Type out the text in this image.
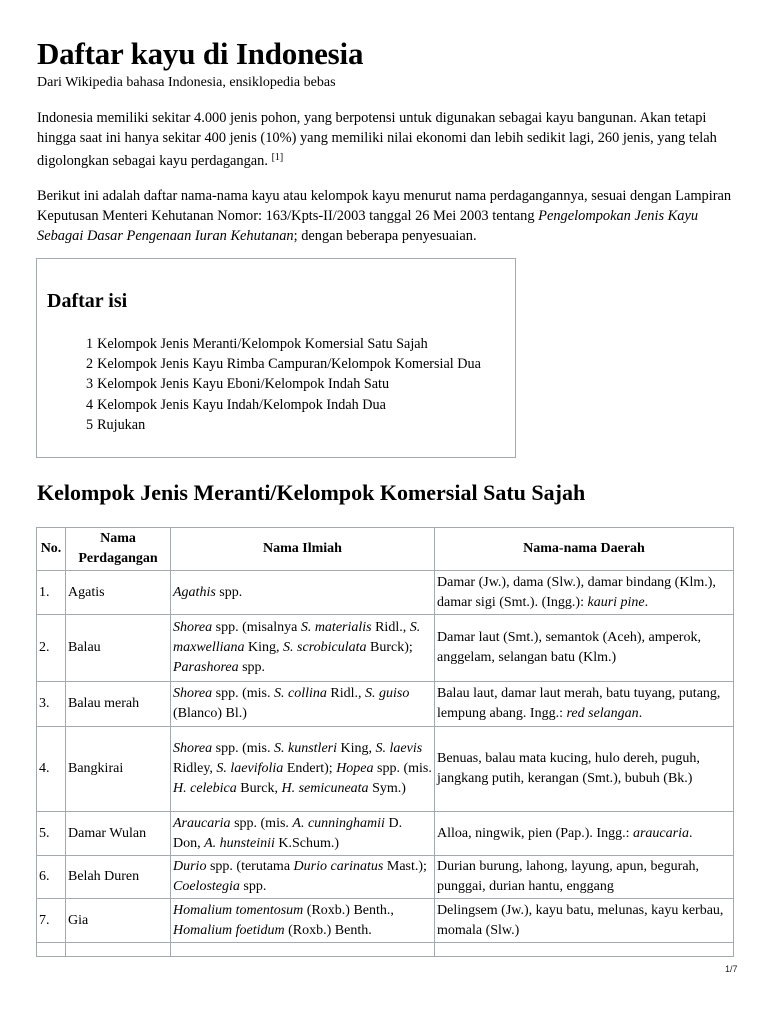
Daftar kayu di Indonesia

Dari Wikipedia bahasa Indonesia, ensiklopedia bebas

Indonesia memiliki sekitar 4.000 jenis pohon, yang berpotensi untuk digunakan sebagai kayu bangunan. Akan tetapi hingga saat ini hanya sekitar 400 jenis (10%) yang memiliki nilai ekonomi dan lebih sedikit lagi, 260 jenis, yang telah digolongkan sebagai kayu perdagangan. [1]

Berikut ini adalah daftar nama-nama kayu atau kelompok kayu menurut nama perdagangannya, sesuai dengan Lampiran Keputusan Menteri Kehutanan Nomor: 163/Kpts-II/2003 tanggal 26 Mei 2003 tentang Pengelompokan Jenis Kayu Sebagai Dasar Pengenaan Iuran Kehutanan; dengan beberapa penyesuaian.

Daftar isi
1 Kelompok Jenis Meranti/Kelompok Komersial Satu Sajah
2 Kelompok Jenis Kayu Rimba Campuran/Kelompok Komersial Dua
3 Kelompok Jenis Kayu Eboni/Kelompok Indah Satu
4 Kelompok Jenis Kayu Indah/Kelompok Indah Dua
5 Rujukan
Kelompok Jenis Meranti/Kelompok Komersial Satu Sajah
No.	Nama Perdagangan	Nama Ilmiah	Nama-nama Daerah
1.	Agatis	Agathis spp.	Damar (Jw.), dama (Slw.), damar bindang (Klm.), damar sigi (Smt.). (Ingg.): kauri pine.
2.	Balau	Shorea spp. (misalnya S. materialis Ridl., S. maxwelliana King, S. scrobiculata Burck); Parashorea spp.	Damar laut (Smt.), semantok (Aceh), amperok, anggelam, selangan batu (Klm.)
3.	Balau merah	Shorea spp. (mis. S. collina Ridl., S. guiso (Blanco) Bl.)	Balau laut, damar laut merah, batu tuyang, putang, lempung abang. Ingg.: red selangan.
4.	Bangkirai	Shorea spp. (mis. S. kunstleri King, S. laevis Ridley, S. laevifolia Endert); Hopea spp. (mis. H. celebica Burck, H. semicuneata Sym.)	Benuas, balau mata kucing, hulo dereh, puguh, jangkang putih, kerangan (Smt.), bubuh (Bk.)
5.	Damar Wulan	Araucaria spp. (mis. A. cunninghamii D. Don, A. hunsteinii K.Schum.)	Alloa, ningwik, pien (Pap.). Ingg.: araucaria.
6.	Belah Duren	Durio spp. (terutama Durio carinatus Mast.); Coelostegia spp.	Durian burung, lahong, layung, apun, begurah, punggai, durian hantu, enggang
7.	Gia	Homalium tomentosum (Roxb.) Benth., Homalium foetidum (Roxb.) Benth.	Delingsem (Jw.), kayu batu, melunas, kayu kerbau, momala (Slw.)

1/7
